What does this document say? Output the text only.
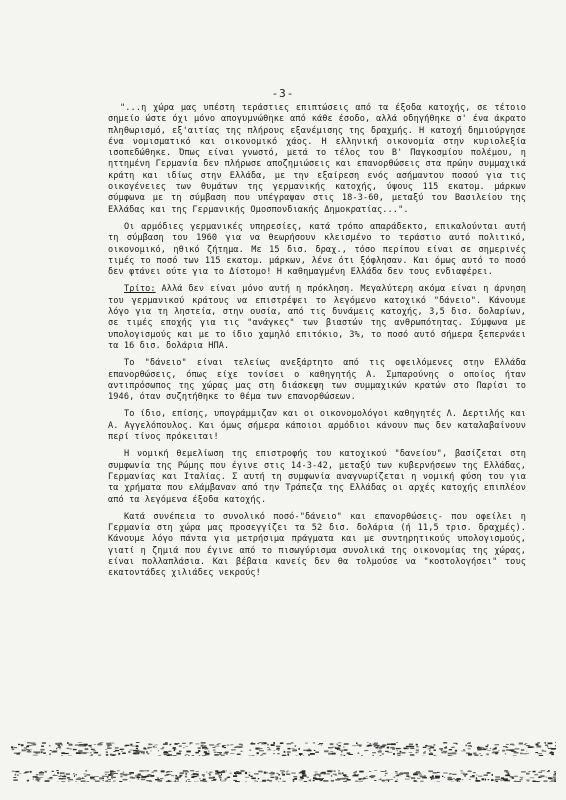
-3-

"...η χώρα μας υπέστη τεράστιες επιπτώσεις από τα έξοδα κατοχής, σε τέτοιο σημείο ώστε όχι μόνο απογυμνώθηκε από κάθε έσοδο, αλλά οδηγήθηκε σ' ένα άκρατο πληθωρισμό, εξ'αιτίας της πλήρους εξανέμισης της δραχμής. Η κατοχή δημιούργησε ένα νομισματικό και οικονομικό χάος. Η ελληνική οικονομία στην κυριολεξία ισοπεδώθηκε. Όπως είναι γνωστό, μετά το τέλος του Β' Παγκοσμίου πολέμου, η ηττημένη Γερμανία δεν πλήρωσε αποζημιώσεις και επανορθώσεις στα πρώην συμμαχικά κράτη και ιδίως στην Ελλάδα, με την εξαίρεση ενός ασήμαντου ποσού για τις οικογένειες των θυμάτων της γερμανικής κατοχής, ύψους 115 εκατομ. μάρκων σύμφωνα με τη σύμβαση που υπέγραψαν στις 18-3-60, μεταξύ του Βασιλείου της Ελλάδας και της Γερμανικής Ομοσπονδιακής Δημοκρατίας...".

Οι αρμόδιες γερμανικές υπηρεσίες, κατά τρόπο απαράδεκτο, επικαλούνται αυτή τη σύμβαση του 1960 για να θεωρήσουν κλεισμένο το τεράστιο αυτό πολιτικό, οικονομικό, ηθικό ζήτημα. Με 15 δισ. δραχ., τόσο περίπου είναι σε σημερινές τιμές το ποσό των 115 εκατομ. μάρκων, λένε ότι ξόφλησαν. Και όμως αυτό το ποσό δεν φτάνει ούτε για το Δίστομο! Η καθημαγμένη Ελλάδα δεν τους ενδιαφέρει.

Τρίτο: Αλλά δεν είναι μόνο αυτή η πρόκληση. Μεγαλύτερη ακόμα είναι η άρνηση του γερμανικού κράτους να επιστρέψει το λεγόμενο κατοχικό "δάνειο". Κάνουμε λόγο για τη ληστεία, στην ουσία, από τις δυνάμεις κατοχής, 3,5 δισ. δολαρίων, σε τιμές εποχής για τις "ανάγκες" των βιαστών της ανθρωπότητας. Σύμφωνα με υπολογισμούς και με το ίδιο χαμηλό επιτόκιο, 3%, το ποσό αυτό σήμερα ξεπερνάει τα 16 δισ. δολάρια ΗΠΑ.

Το "δάνειο" είναι τελείως ανεξάρτητο από τις οφειλόμενες στην Ελλάδα επανορθώσεις, όπως είχε τονίσει ο καθηγητής Α. Σμπαρούνης ο οποίος ήταν αντιπρόσωπος της χώρας μας στη διάσκεψη των συμμαχικών κρατών στο Παρίσι το 1946, όταν συζητήθηκε το θέμα των επανορθώσεων.

Το ίδιο, επίσης, υπογράμμιζαν και οι οικονομολόγοι καθηγητές Λ. Δερτιλής και Α. Αγγελόπουλος. Και όμως σήμερα κάποιοι αρμόδιοι κάνουν πως δεν καταλαβαίνουν περί τίνος πρόκειται!

Η νομική θεμελίωση της επιστροφής του κατοχικού "δανείου", βασίζεται στη συμφωνία της Ρώμης που έγινε στις 14-3-42, μεταξύ των κυβερνήσεων της Ελλάδας, Γερμανίας και Ιταλίας. Σ αυτή τη συμφωνία αναγνωρίζεται η νομική φύση του για τα χρήματα που ελάμβαναν από την Τράπεζα της Ελλάδας οι αρχές κατοχής επιπλέον από τα λεγόμενα έξοδα κατοχής.

Κατά συνέπεια το συνολικό ποσό-"δάνειο" και επανορθώσεις- που οφείλει η Γερμανία στη χώρα μας προσεγγίζει τα 52 δισ. δολάρια (ή 11,5 τρισ. δραχμές). Κάνουμε λόγο πάντα για μετρήσιμα πράγματα και με συντηρητικούς υπολογισμούς, γιατί η ζημιά που έγινε από το πισωγύρισμα συνολικά της οικονομίας της χώρας, είναι πολλαπλάσια. Και βέβαια κανείς δεν θα τολμούσε να "κοστολογήσει" τους εκατοντάδες χιλιάδες νεκρούς!
